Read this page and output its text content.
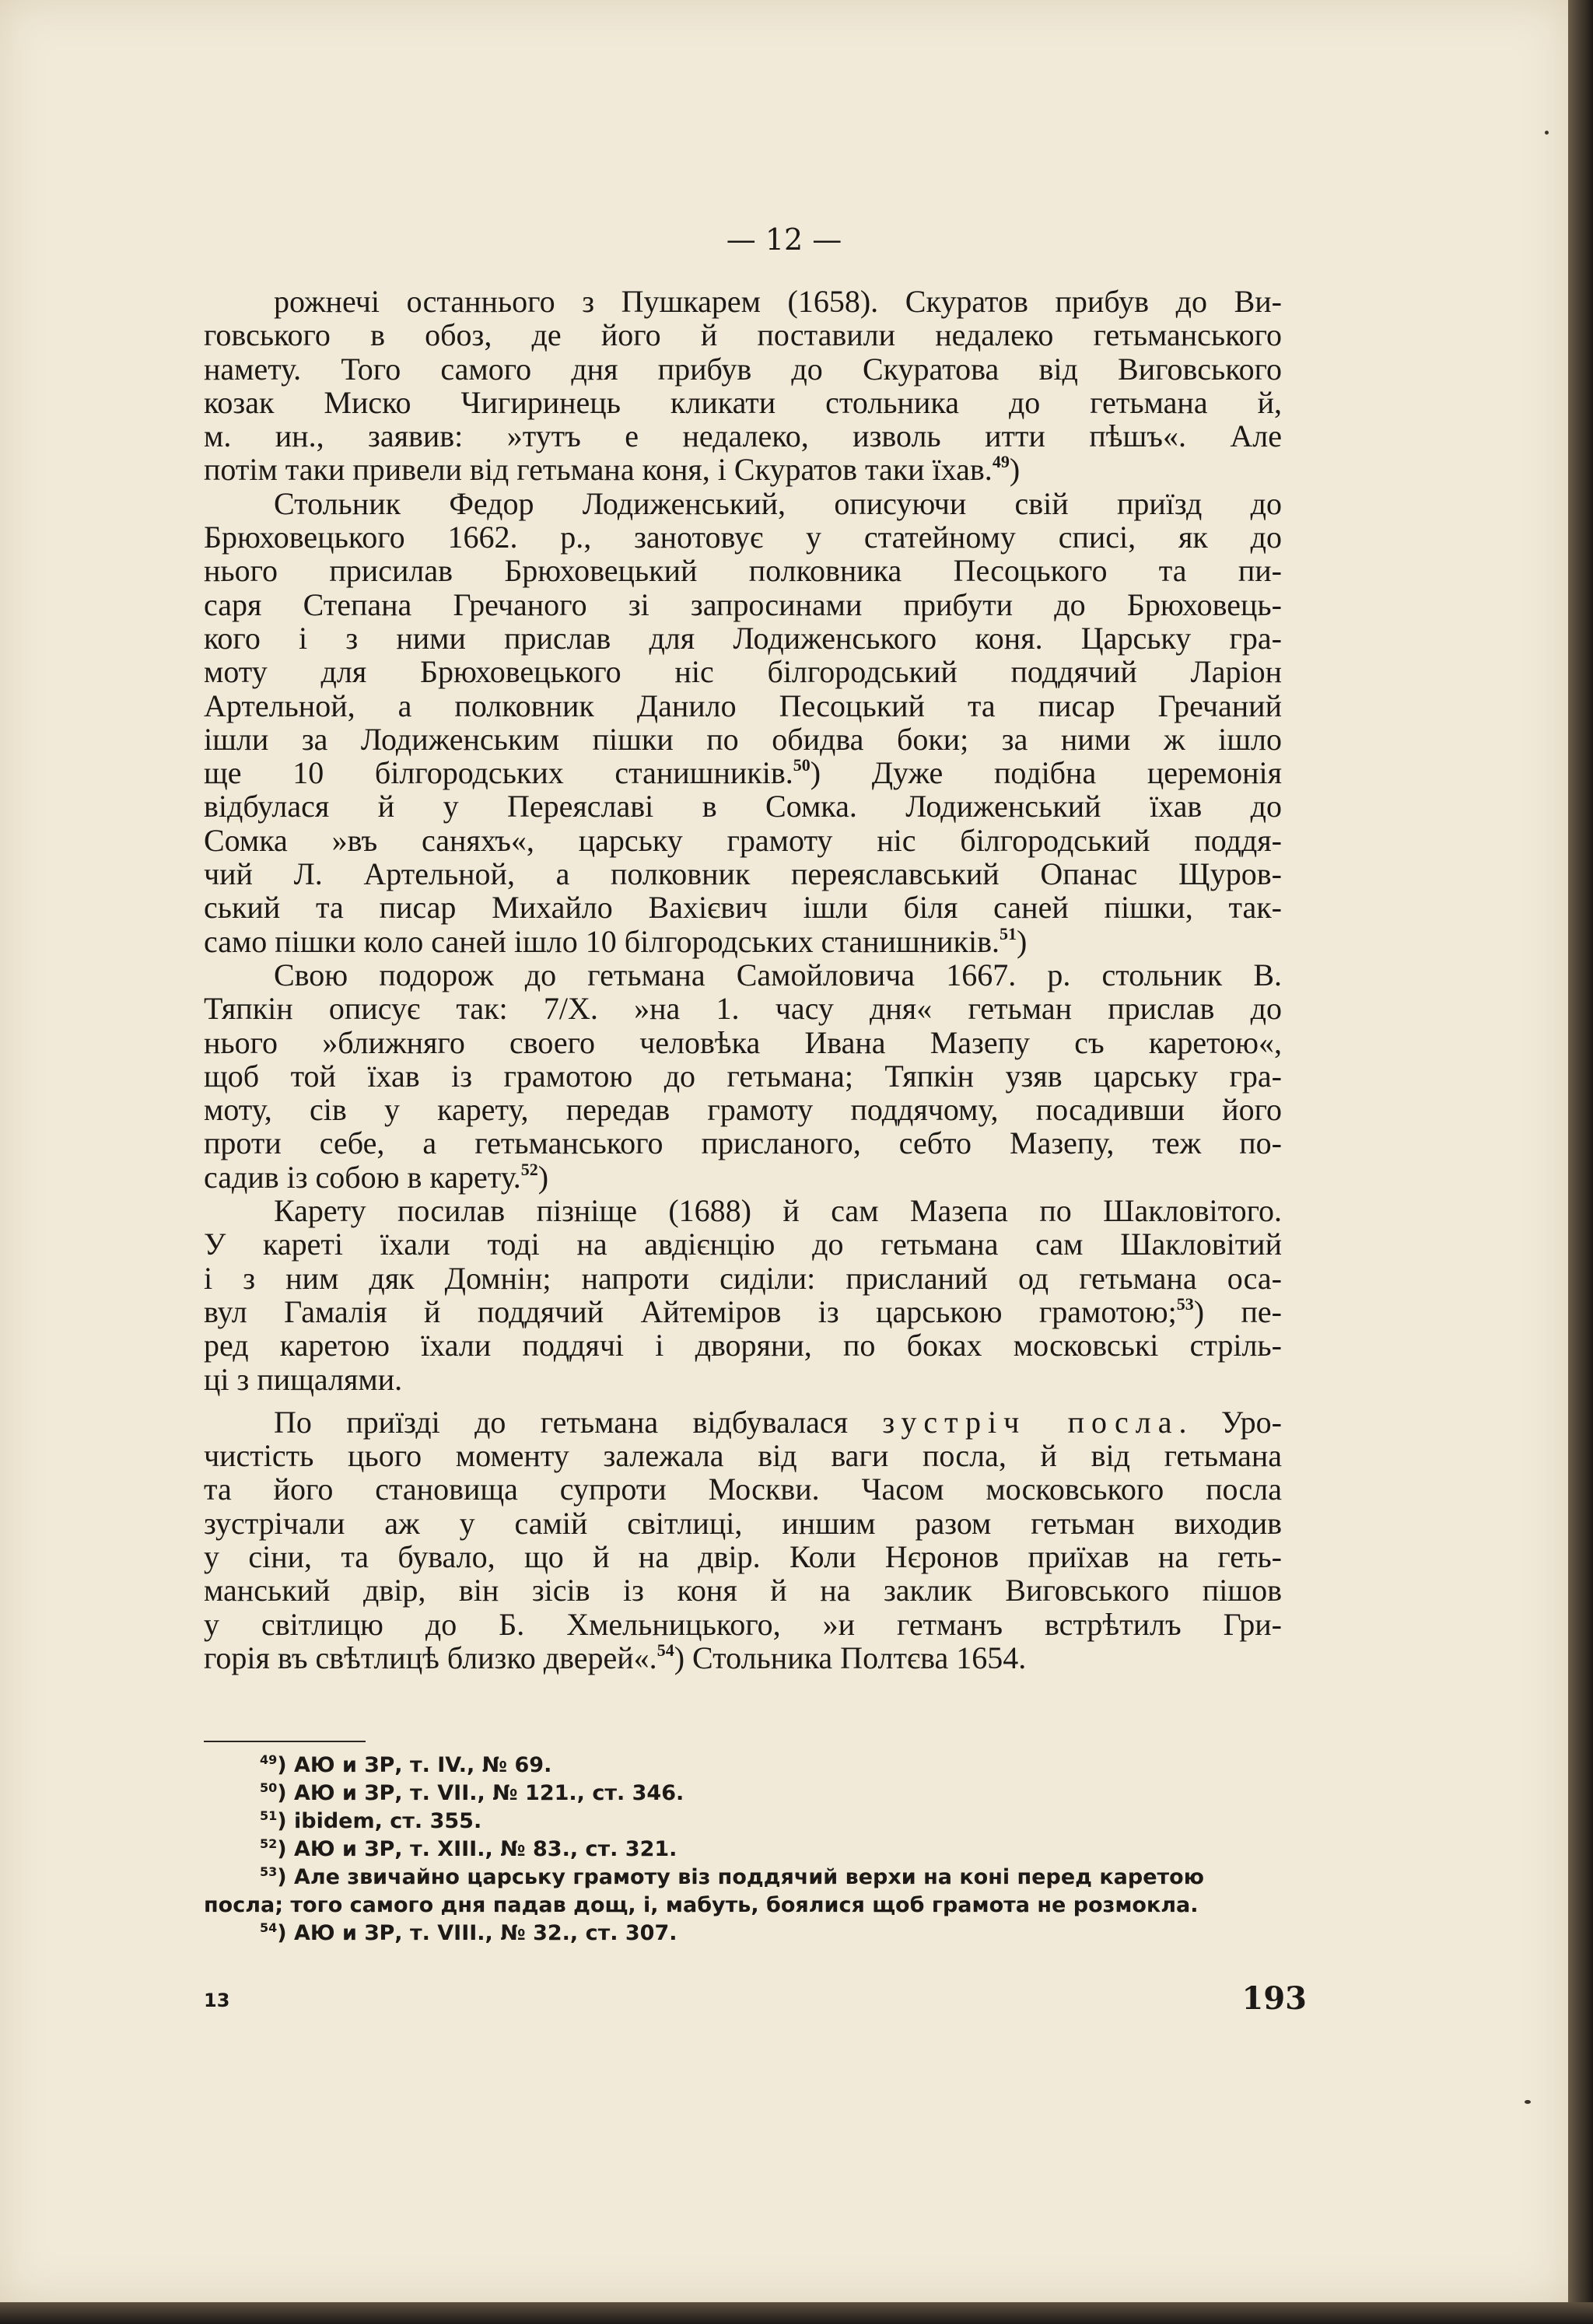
— 12 —
рожнечі останнього з Пушкарем (1658). Скуратов прибув до Ви-
говського в обоз, де його й поставили недалеко гетьманського
намету. Того самого дня прибув до Скуратова від Виговського
козак Миско Чигиринець кликати стольника до гетьмана й,
м. ин., заявив: »тутъ е недалеко, изволь итти пѣшъ«. Але
потім таки привели від гетьмана коня, і Скуратов таки їхав.$^{49}$)
Стольник Федор Лодиженський, описуючи свій приїзд до
Брюховецького 1662. р., занотовує у статейному списі, як до
нього присилав Брюховецький полковника Песоцького та пи-
саря Степана Гречаного зі запросинами прибути до Брюховець-
кого і з ними прислав для Лодиженського коня. Царську гра-
моту для Брюховецького ніс білгородський поддячий Ларіон
Артельной, а полковник Данило Песоцький та писар Гречаний
ішли за Лодиженським пішки по обидва боки; за ними ж ішло
ще 10 білгородських станишників.$^{50}$) Дуже подібна церемонія
відбулася й у Переяславі в Сомка. Лодиженський їхав до
Сомка »въ саняхъ«, царську грамоту ніс білгородський поддя-
чий Л. Артельной, а полковник переяславський Опанас Щуров-
ський та писар Михайло Вахієвич ішли біля саней пішки, так-
само пішки коло саней ішло 10 білгородських станишників.$^{51}$)
Свою подорож до гетьмана Самойловича 1667. р. стольник В.
Тяпкін описує так: 7/Х. »на 1. часу дня« гетьман прислав до
нього »ближняго своего человѣка Ивана Мазепу съ каретою«,
щоб той їхав із грамотою до гетьмана; Тяпкін узяв царську гра-
моту, сів у карету, передав грамоту поддячому, посадивши його
проти себе, а гетьманського присланого, себто Мазепу, теж по-
садив із собою в карету.$^{52}$)
Карету посилав пізніще (1688) й сам Мазепа по Шакловітого.
У кареті їхали тоді на авдієнцію до гетьмана сам Шакловітий
і з ним дяк Домнін; напроти сиділи: присланий од гетьмана оса-
вул Гамалія й поддячий Айтеміров із царською грамотою;$^{53}$) пе-
ред каретою їхали поддячі і дворяни, по боках московські стріль-
ці з пищалями.
По приїзді до гетьмана відбувалася зустріч посла. Уро-
чистість цього моменту залежала від ваги посла, й від гетьмана
та його становища супроти Москви. Часом московського посла
зустрічали аж у самій світлиці, иншим разом гетьман виходив
у сіни, та бувало, що й на двір. Коли Нєронов приїхав на геть-
манський двір, він зісів із коня й на заклик Виговського пішов
у світлицю до Б. Хмельницького, »и гетманъ встрѣтилъ Гри-
горія въ свѣтлицѣ близко дверей«.$^{54}$) Стольника Полтєва 1654.
$^{49}$) АЮ и ЗР, т. IV., № 69.
$^{50}$) АЮ и ЗР, т. VII., № 121., ст. 346.
$^{51}$) ibidem, ст. 355.
$^{52}$) АЮ и ЗР, т. XIII., № 83., ст. 321.
$^{53}$) Але звичайно царську грамоту віз поддячий верхи на коні перед каретою
посла; того самого дня падав дощ, і, мабуть, боялися щоб грамота не розмокла.
$^{54}$) АЮ и ЗР, т. VIII., № 32., ст. 307.
13	193
